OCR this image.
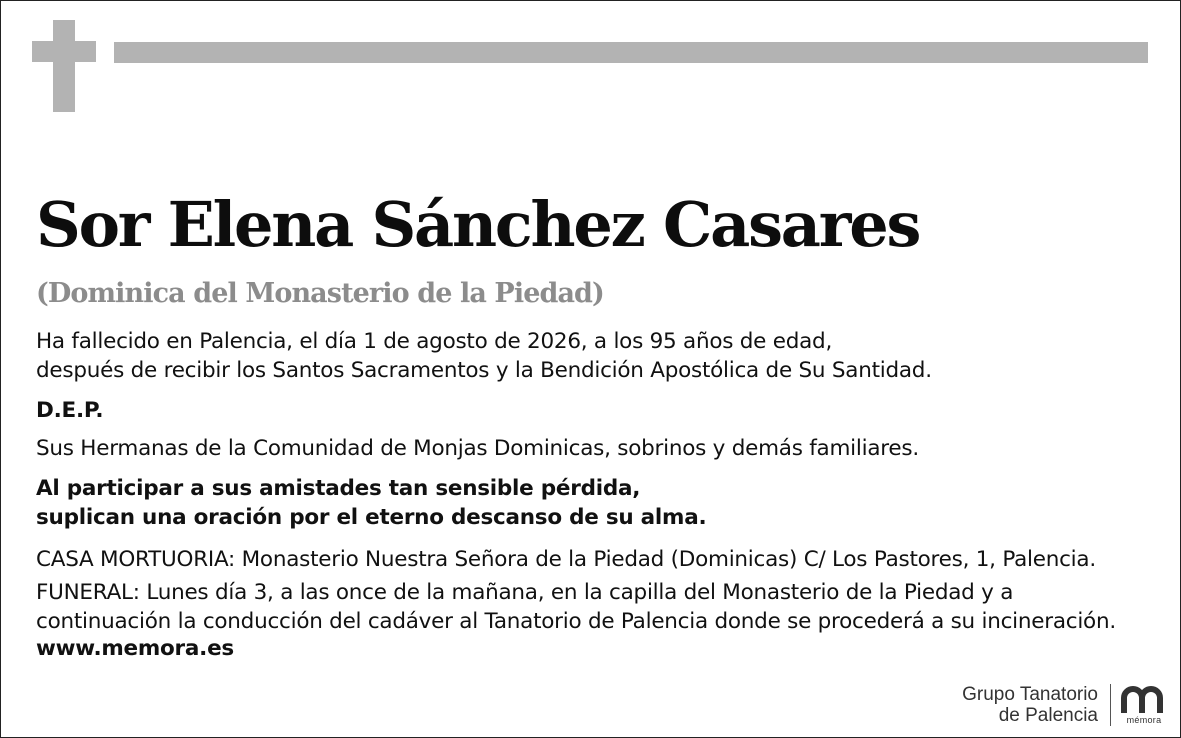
Sor Elena Sánchez Casares
(Dominica del Monasterio de la Piedad)
Ha fallecido en Palencia, el día 1 de agosto de 2026, a los 95 años de edad,
después de recibir los Santos Sacramentos y la Bendición Apostólica de Su Santidad.
D.E.P.
Sus Hermanas de la Comunidad de Monjas Dominicas, sobrinos y demás familiares.
Al participar a sus amistades tan sensible pérdida,
suplican una oración por el eterno descanso de su alma.
CASA MORTUORIA: Monasterio Nuestra Señora de la Piedad (Dominicas) C/ Los Pastores, 1, Palencia.
FUNERAL: Lunes día 3, a las once de la mañana, en la capilla del Monasterio de la Piedad y a
continuación la conducción del cadáver al Tanatorio de Palencia donde se procederá a su incineración.
www.memora.es
Grupo Tanatorio
de Palencia	mémora
